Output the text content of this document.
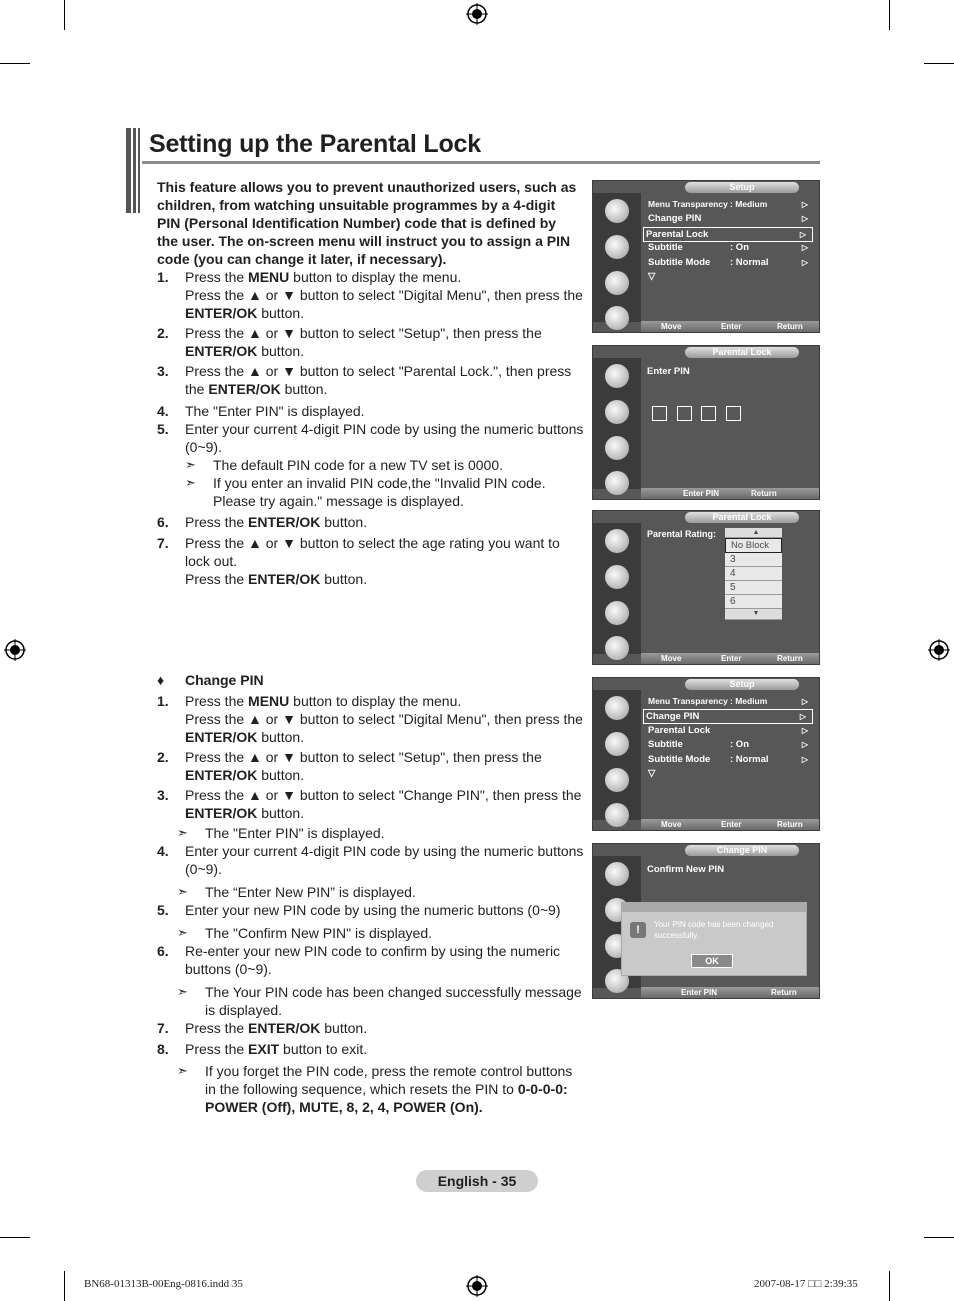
Setting up the Parental Lock
This feature allows you to prevent unauthorized users, such as children, from watching unsuitable programmes by a 4-digit PIN (Personal Identification Number) code that is defined by the user. The on-screen menu will instruct you to assign a PIN code (you can change it later, if necessary).
1.	Press the MENU button to display the menu.
Press the ▲ or ▼ button to select "Digital Menu", then press the ENTER/OK button.
2.	Press the ▲ or ▼ button to select "Setup", then press the ENTER/OK button.
3.	Press the ▲ or ▼ button to select "Parental Lock.", then press the ENTER/OK button.
4.	The "Enter PIN" is displayed.
5.	Enter your current 4-digit PIN code by using the numeric buttons (0~9).
➣	The default PIN code for a new TV set is 0000.
➣	If you enter an invalid PIN code,the "Invalid PIN code. Please try again." message is displayed.
6.	Press the ENTER/OK button.
7.	Press the ▲ or ▼ button to select the age rating you want to lock out.
Press the ENTER/OK button.
♦	Change PIN
1.	Press the MENU button to display the menu.
Press the ▲ or ▼ button to select "Digital Menu", then press the ENTER/OK button.
2.	Press the ▲ or ▼ button to select "Setup", then press the ENTER/OK button.
3.	Press the ▲ or ▼ button to select "Change PIN", then press the ENTER/OK button.
➣	The "Enter PIN" is displayed.
4.	Enter your current 4-digit PIN code by using the numeric buttons (0~9).
➣	The “Enter New PIN” is displayed.
5.	Enter your new PIN code by using the numeric buttons (0~9)
➣	The "Confirm New PIN" is displayed.
6.	Re-enter your new PIN code to confirm by using the numeric buttons (0~9).
➣	The Your PIN code has been changed successfully message is displayed.
7.	Press the ENTER/OK button.
8.	Press the EXIT button to exit.
➣	If you forget the PIN code, press the remote control buttons in the following sequence, which resets the PIN to 0-0-0-0: POWER (Off), MUTE, 8, 2, 4, POWER (On).
Setup
Menu Transparency : Medium	▷
Change PIN	▷
Parental Lock	▷
Subtitle	: On	▷
Subtitle Mode : Normal	▷
▽
Move	Enter	Return
Parental Lock
Enter PIN
Enter PIN	Return
Parental Lock
Parental Rating:	▲
No Block
3
4
5
6
▼
Move	Enter	Return
Setup
Menu Transparency : Medium	▷
Change PIN	▷
Parental Lock	▷
Subtitle	: On	▷
Subtitle Mode : Normal	▷
▽
Move	Enter	Return
Change PIN
Confirm New PIN
!	Your PIN code has been changed successfully.
OK
Enter PIN	Return
English - 35
BN68-01313B-00Eng-0816.indd 35	2007-08-17 □□ 2:39:35
